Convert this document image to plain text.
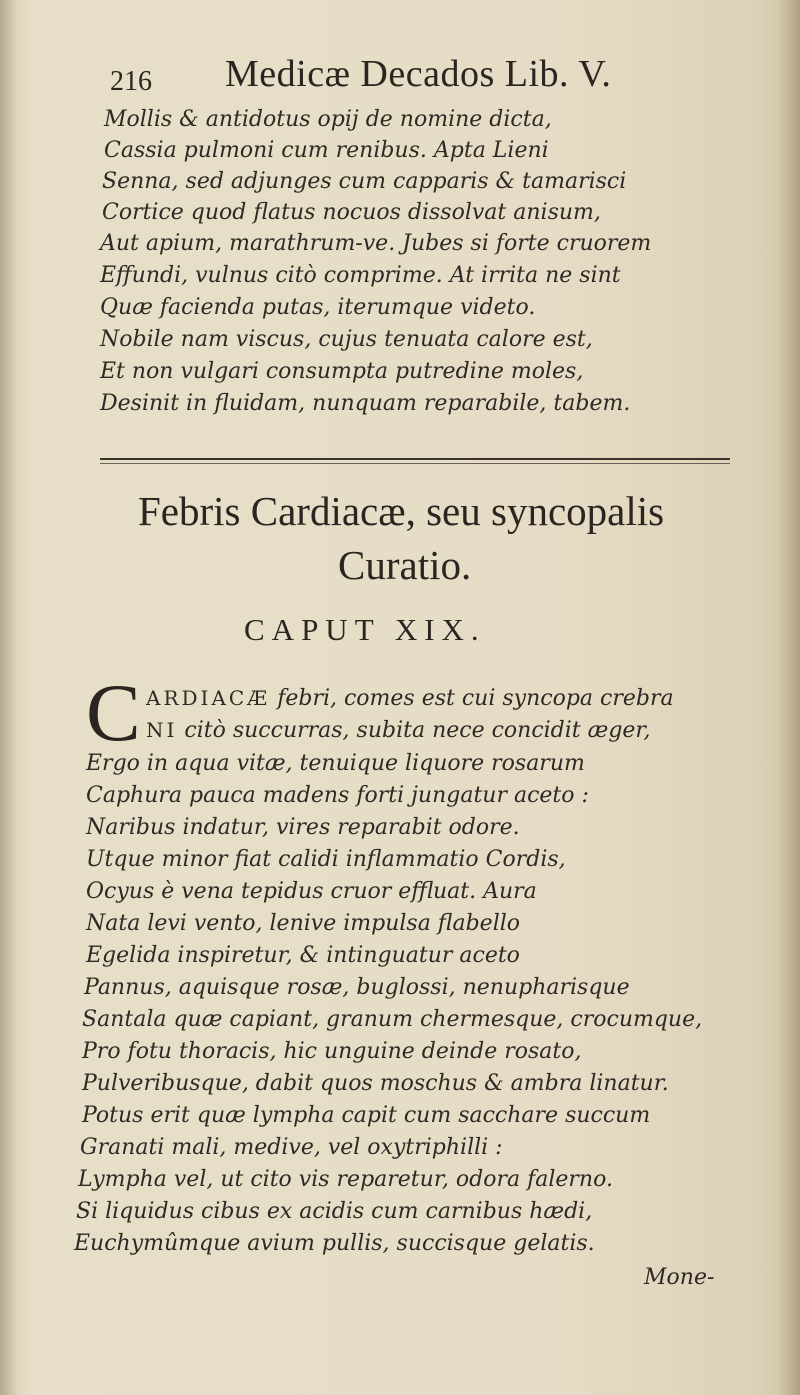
216 Medicæ Decados Lib. V.
Mollis & antidotus opij de nomine dicta,
Cassia pulmoni cum renibus. Apta Lieni
Senna, sed adjunges cum capparis & tamarisci
Cortice quod flatus nocuos dissolvat anisum,
Aut apium, marathrum-ve. Jubes si forte cruorem
Effundi, vulnus citò comprime. At irrita ne sint
Quæ facienda putas, iterumque videto.
Nobile nam viscus, cujus tenuata calore est,
Et non vulgari consumpta putredine moles,
Desinit in fluidam, nunquam reparabile, tabem.
Febris Cardiacæ, seu syncopalis
Curatio.
CAPUT XIX.
C ARDIACÆ febri, comes est cui syncopa crebra
NI citò succurras, subita nece concidit æger,
Ergo in aqua vitæ, tenuique liquore rosarum
Caphura pauca madens forti jungatur aceto :
Naribus indatur, vires reparabit odore.
Utque minor fiat calidi inflammatio Cordis,
Ocyus è vena tepidus cruor effluat. Aura
Nata levi vento, lenive impulsa flabello
Egelida inspiretur, & intinguatur aceto
Pannus, aquisque rosæ, buglossi, nenupharisque
Santala quæ capiant, granum chermesque, crocumque,
Pro fotu thoracis, hic unguine deinde rosato,
Pulveribusque, dabit quos moschus & ambra linatur.
Potus erit quæ lympha capit cum sacchare succum
Granati mali, medive, vel oxytriphilli :
Lympha vel, ut cito vis reparetur, odora falerno.
Si liquidus cibus ex acidis cum carnibus hædi,
Euchymûmque avium pullis, succisque gelatis.
Mone-
